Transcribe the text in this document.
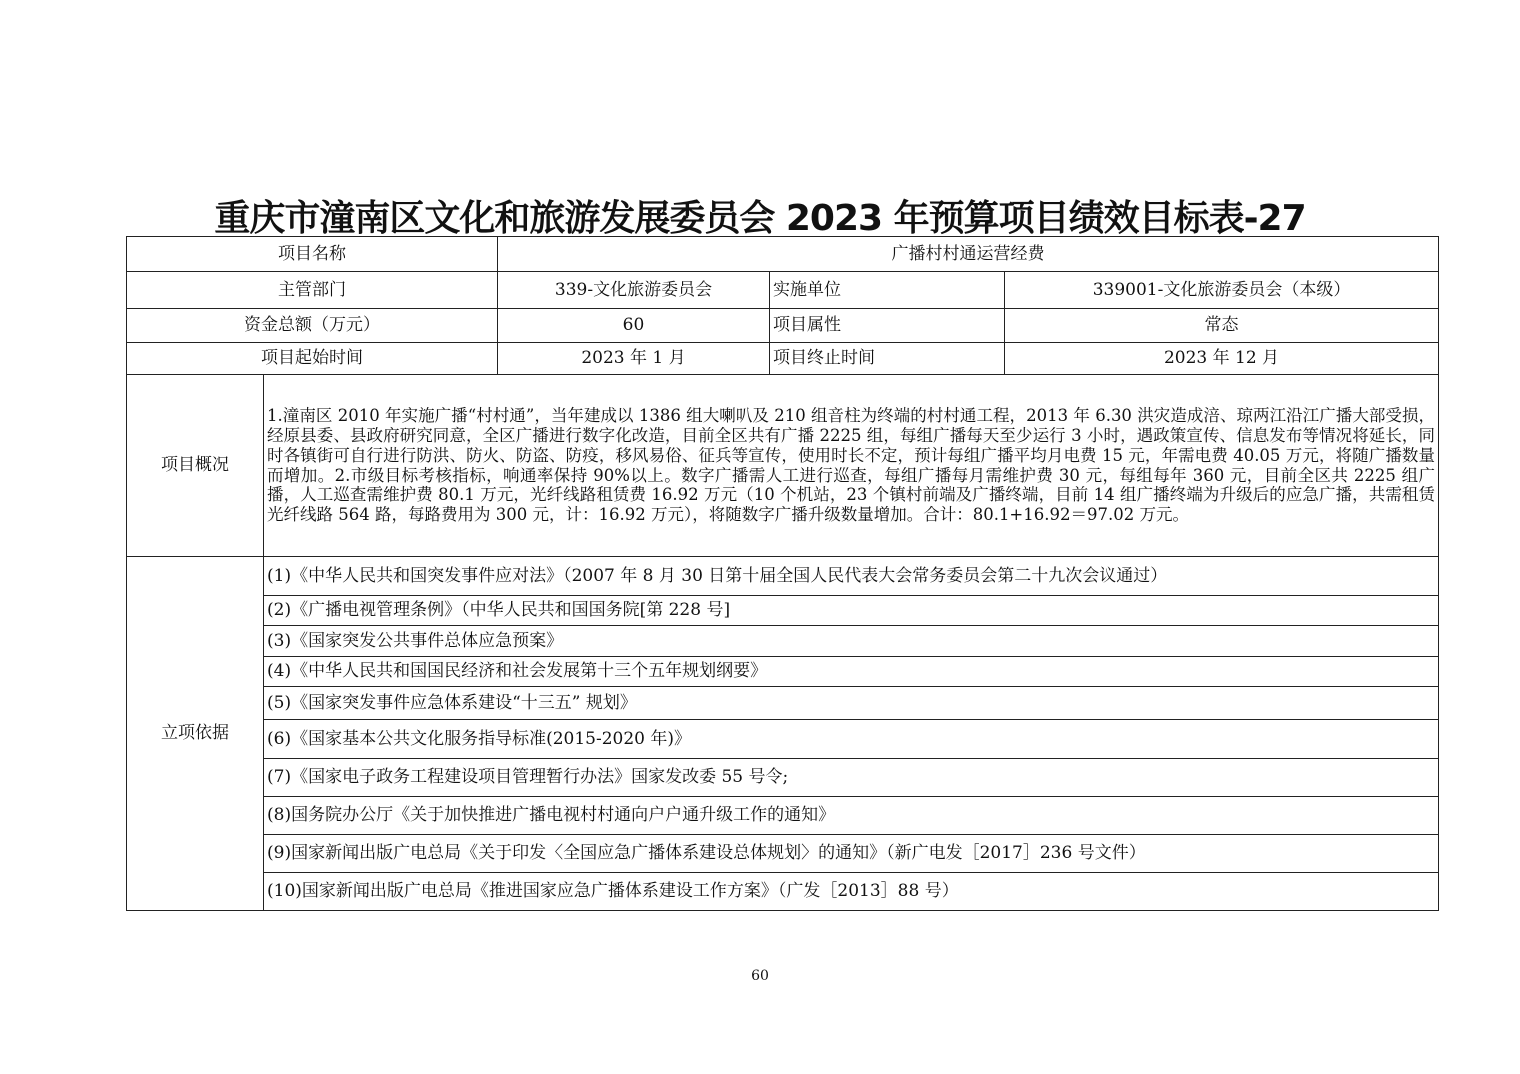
重庆市潼南区文化和旅游发展委员会 2023 年预算项目绩效目标表-27
项目名称		广播村村通运营经费		
主管部门		339-文化旅游委员会	实施单位	339001-文化旅游委员会（本级）
资金总额（万元）		60	项目属性	常态
项目起始时间		2023 年 1 月	项目终止时间	2023 年 12 月
项目概况	1.潼南区 2010 年实施广播“村村通”，当年建成以 1386 组大喇叭及 210 组音柱为终端的村村通工程，2013 年 6.30 洪灾造成涪、琼两江沿江广播大部受损，经原县委、县政府研究同意，全区广播进行数字化改造，目前全区共有广播 2225 组，每组广播每天至少运行 3 小时，遇政策宣传、信息发布等情况将延长，同时各镇街可自行进行防洪、防火、防盗、防疫，移风易俗、征兵等宣传，使用时长不定，预计每组广播平均月电费 15 元，年需电费 40.05 万元，将随广播数量而增加。2.市级目标考核指标，响通率保持 90%以上。数字广播需人工进行巡查，每组广播每月需维护费 30 元，每组每年 360 元，目前全区共 2225 组广播，人工巡查需维护费 80.1 万元，光纤线路租赁费 16.92 万元（10 个机站，23 个镇村前端及广播终端，目前 14 组广播终端为升级后的应急广播，共需租赁光纤线路 564 路，每路费用为 300 元，计：16.92 万元），将随数字广播升级数量增加。合计：80.1+16.92＝97.02 万元。			
立项依据	(1)《中华人民共和国突发事件应对法》（2007 年 8 月 30 日第十届全国人民代表大会常务委员会第二十九次会议通过）			
	(2)《广播电视管理条例》（中华人民共和国国务院[第 228 号]			
	(3)《国家突发公共事件总体应急预案》			
	(4)《中华人民共和国国民经济和社会发展第十三个五年规划纲要》			
	(5)《国家突发事件应急体系建设“十三五” 规划》			
	(6)《国家基本公共文化服务指导标准(2015-2020 年)》			
	(7)《国家电子政务工程建设项目管理暂行办法》国家发改委 55 号令;			
	(8)国务院办公厅《关于加快推进广播电视村村通向户户通升级工作的通知》			
	(9)国家新闻出版广电总局《关于印发〈全国应急广播体系建设总体规划〉的通知》（新广电发［2017］236 号文件）			
	(10)国家新闻出版广电总局《推进国家应急广播体系建设工作方案》（广发［2013］88 号）			
60
